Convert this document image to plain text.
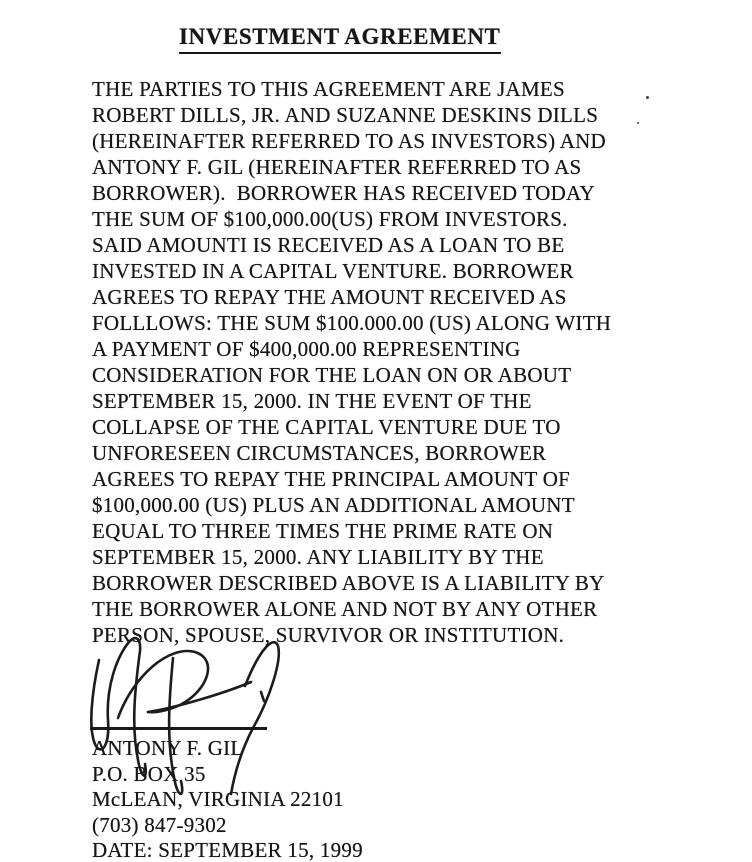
INVESTMENT AGREEMENT
THE PARTIES TO THIS AGREEMENT ARE JAMES
ROBERT DILLS, JR. AND SUZANNE DESKINS DILLS
(HEREINAFTER REFERRED TO AS INVESTORS) AND
ANTONY F. GIL (HEREINAFTER REFERRED TO AS
BORROWER).  BORROWER HAS RECEIVED TODAY
THE SUM OF $100,000.00(US) FROM INVESTORS.
SAID AMOUNTI IS RECEIVED AS A LOAN TO BE
INVESTED IN A CAPITAL VENTURE. BORROWER
AGREES TO REPAY THE AMOUNT RECEIVED AS
FOLLLOWS: THE SUM $100.000.00 (US) ALONG WITH
A PAYMENT OF $400,000.00 REPRESENTING
CONSIDERATION FOR THE LOAN ON OR ABOUT
SEPTEMBER 15, 2000. IN THE EVENT OF THE
COLLAPSE OF THE CAPITAL VENTURE DUE TO
UNFORESEEN CIRCUMSTANCES, BORROWER
AGREES TO REPAY THE PRINCIPAL AMOUNT OF
$100,000.00 (US) PLUS AN ADDITIONAL AMOUNT
EQUAL TO THREE TIMES THE PRIME RATE ON
SEPTEMBER 15, 2000. ANY LIABILITY BY THE
BORROWER DESCRIBED ABOVE IS A LIABILITY BY
THE BORROWER ALONE AND NOT BY ANY OTHER
PERSON, SPOUSE, SURVIVOR OR INSTITUTION.
ANTONY F. GIL
P.O. BOX 35
McLEAN, VIRGINIA 22101
(703) 847-9302
DATE: SEPTEMBER 15, 1999
